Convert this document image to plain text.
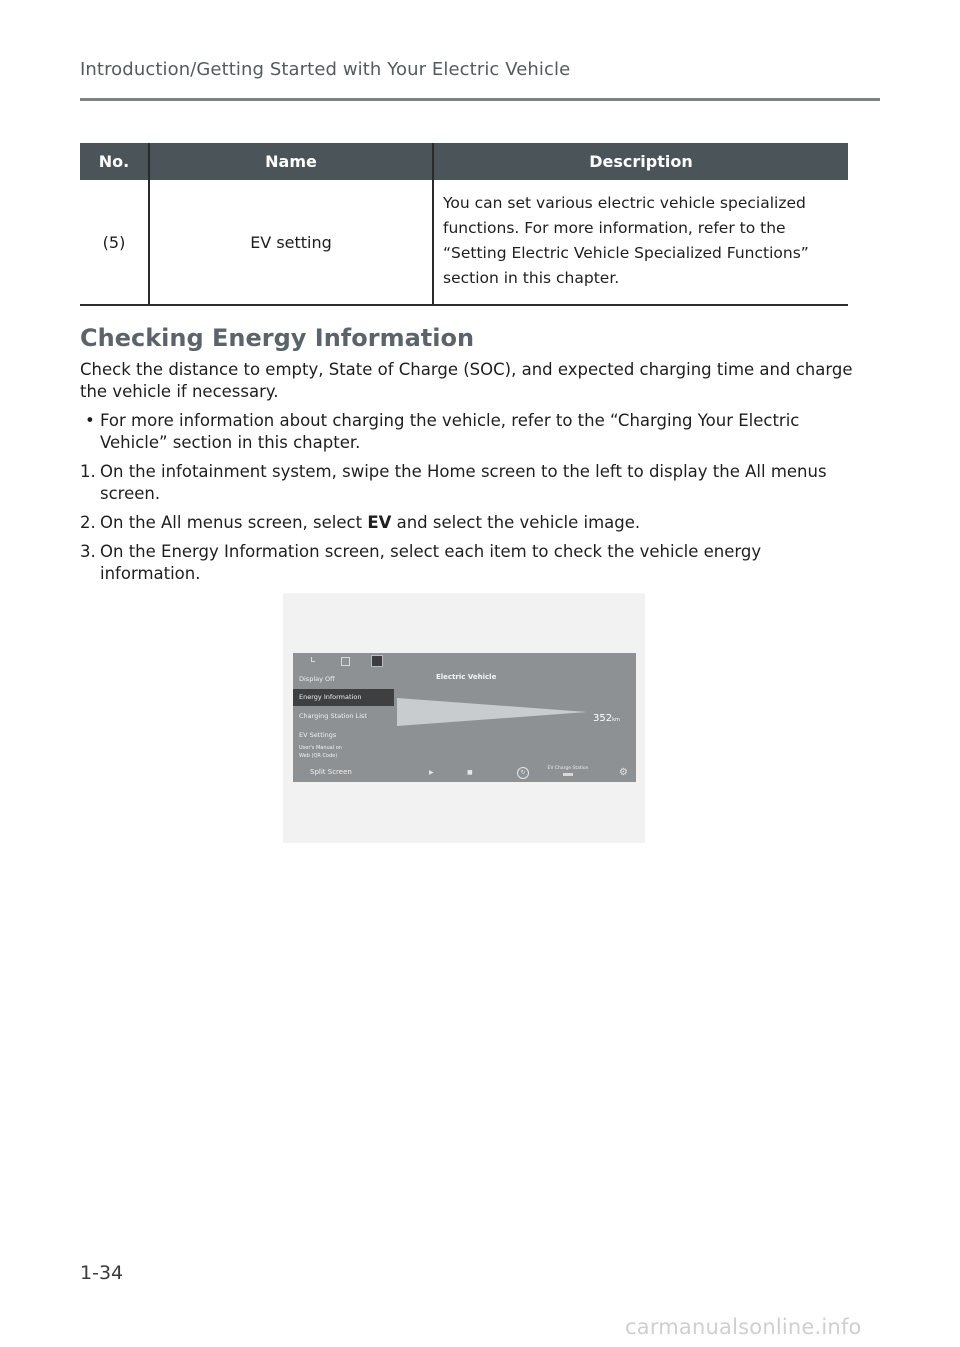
Introduction/Getting Started with Your Electric Vehicle
No.	Name	Description
(5)	EV setting	You can set various electric vehicle specialized functions. For more information, refer to the “Setting Electric Vehicle Specialized Functions” section in this chapter.
Checking Energy Information
Check the distance to empty, State of Charge (SOC), and expected charging time and charge the vehicle if necessary.
• For more information about charging the vehicle, refer to the “Charging Your Electric Vehicle” section in this chapter.
1. On the infotainment system, swipe the Home screen to the left to display the All menus screen.
2. On the All menus screen, select EV and select the vehicle image.
3. On the Energy Information screen, select each item to check the vehicle energy information.
Display Off
Energy Information
Charging Station List
EV Settings
User's Manual on Web (QR Code)
Electric Vehicle
352km
Split Screen	▶	■	↻
EV Charge Station	⚙
1-34
carmanualsonline.info
